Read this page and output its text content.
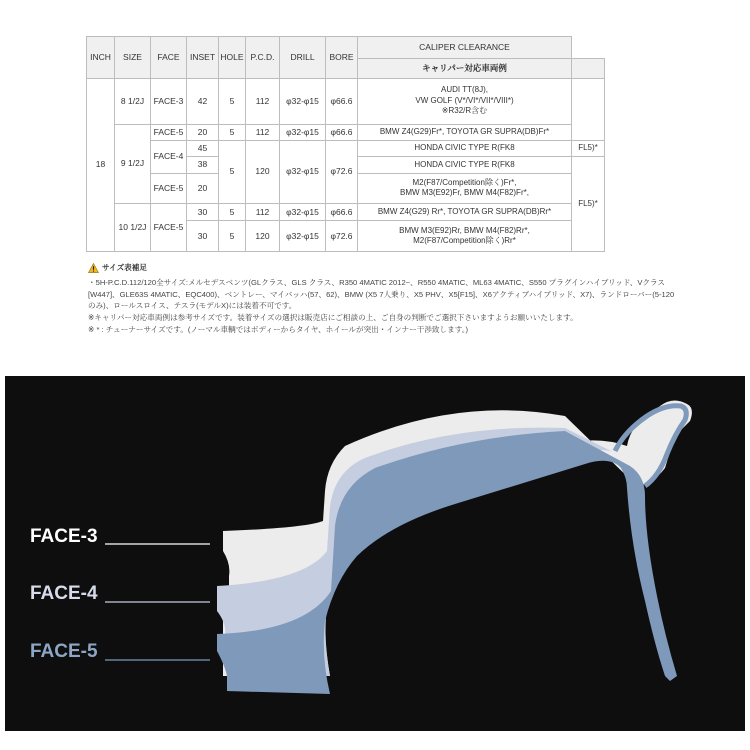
INCH	SIZE	FACE	INSET	HOLE	P.C.D.	DRILL	BORE	CALIPER CLEARANCE	
								キャリパー対応車両例	
18	8 1/2J	FACE-3	42	5	112	φ32-φ15	φ66.6	AUDI TT(8J),
VW GOLF (V*/VI*/VII*/VIII*)
※R32/R含む	

	9 1/2J	FACE-5	20	5	112	φ32-φ15	φ66.6	BMW Z4(G29)Fr*, TOYOTA GR SUPRA(DB)Fr*	
		FACE-4	45	5	120	φ32-φ15	φ72.6	HONDA CIVIC TYPE R(FK8	FL5)*
			38					HONDA CIVIC TYPE R(FK8	FL5)*
		FACE-5	20					M2(F87/Competition除く)Fr*,
BMW M3(E92)Fr, BMW M4(F82)Fr*,	

	10 1/2J	FACE-5	30	5	112	φ32-φ15	φ66.6	BMW Z4(G29) Rr*, TOYOTA GR SUPRA(DB)Rr*	
			30	5	120	φ32-φ15	φ72.6	BMW M3(E92)Rr, BMW M4(F82)Rr*,
M2(F87/Competition除く)Rr*	
サイズ表補足

・5H-P.C.D.112/120全サイズ:メルセデスベンツ(GLクラス、GLS クラス、R350 4MATIC 2012~、R550 4MATIC、ML63 4MATIC、S550 プラグインハイブリッド、Vクラス

[W447]、GLE63S 4MATIC、EQC400)、ベントレー、マイバッハ(57、62)、BMW (X5 7人乗り、X5 PHV、X5[F15]、X6アクティブハイブリッド、X7)、ランドローバー(5-120

のみ)、ロールスロイス、テスラ(モデルX)には装着不可です。

※キャリパー対応車両例は参考サイズです。装着サイズの選択は販売店にご相談の上、ご自身の判断でご選択下さいますようお願いいたします。

※ * : チューナーサイズです。(ノーマル車輌ではボディーからタイヤ、ホイールが突出・インナー干渉致します。)

FACE-3
FACE-4
FACE-5
